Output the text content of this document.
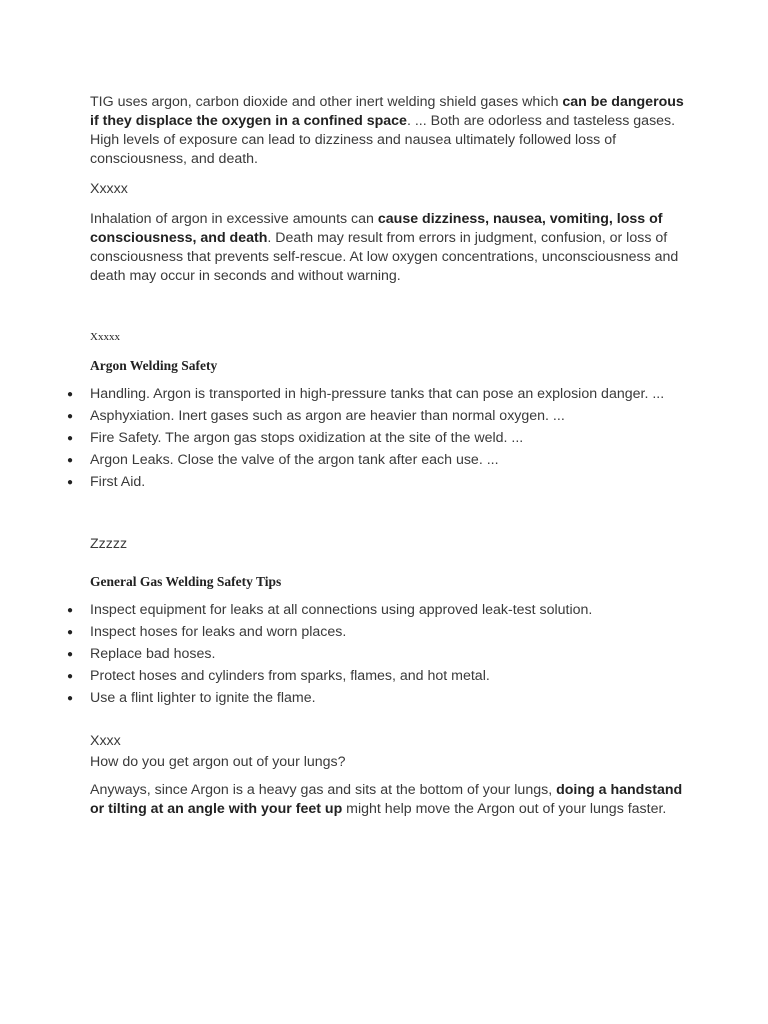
TIG uses argon, carbon dioxide and other inert welding shield gases which can be dangerous if they displace the oxygen in a confined space. ... Both are odorless and tasteless gases. High levels of exposure can lead to dizziness and nausea ultimately followed loss of consciousness, and death.

Xxxxx

Inhalation of argon in excessive amounts can cause dizziness, nausea, vomiting, loss of consciousness, and death. Death may result from errors in judgment, confusion, or loss of consciousness that prevents self-rescue. At low oxygen concentrations, unconsciousness and death may occur in seconds and without warning.

Xxxxx

Argon Welding Safety

● Handling. Argon is transported in high-pressure tanks that can pose an explosion danger. ...
● Asphyxiation. Inert gases such as argon are heavier than normal oxygen. ...
● Fire Safety. The argon gas stops oxidization at the site of the weld. ...
● Argon Leaks. Close the valve of the argon tank after each use. ...
● First Aid.

Zzzzz

General Gas Welding Safety Tips

● Inspect equipment for leaks at all connections using approved leak-test solution.
● Inspect hoses for leaks and worn places.
● Replace bad hoses.
● Protect hoses and cylinders from sparks, flames, and hot metal.
● Use a flint lighter to ignite the flame.

Xxxx

How do you get argon out of your lungs?

Anyways, since Argon is a heavy gas and sits at the bottom of your lungs, doing a handstand or tilting at an angle with your feet up might help move the Argon out of your lungs faster.
